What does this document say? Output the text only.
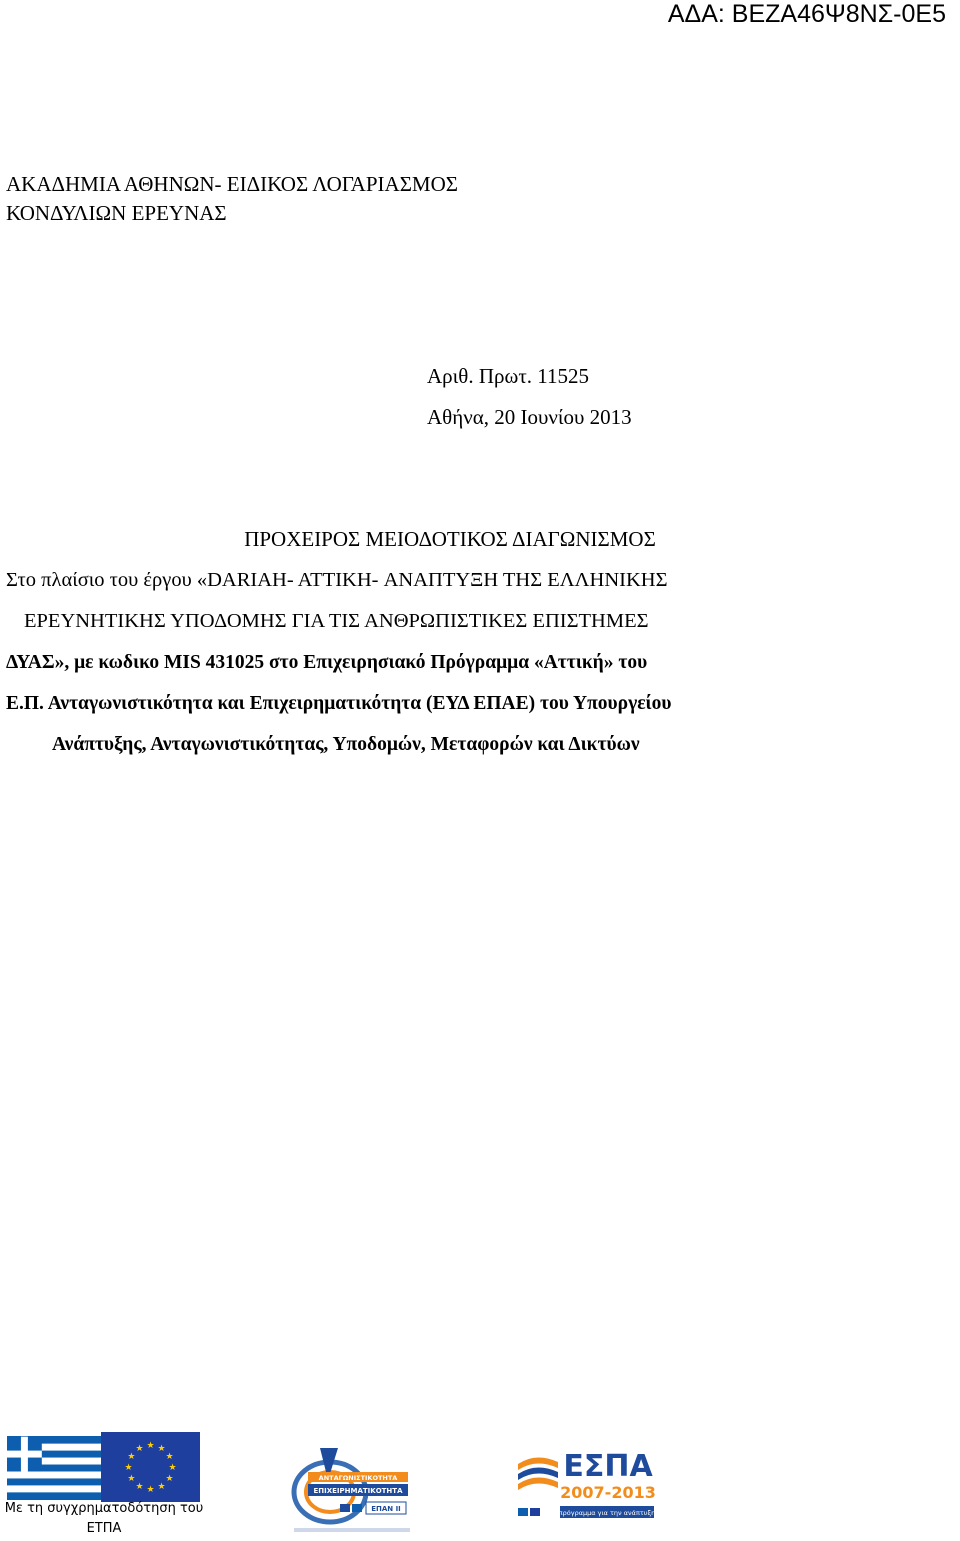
ΑΔΑ: ΒΕΖΑ46Ψ8ΝΣ-0Ε5
ΑΚΑΔΗΜΙΑ ΑΘΗΝΩΝ- ΕΙΔΙΚΟΣ ΛΟΓΑΡΙΑΣΜΟΣ
ΚΟΝΔΥΛΙΩΝ ΕΡΕΥΝΑΣ
Αριθ. Πρωτ. 11525
Αθήνα, 20 Ιουνίου 2013
ΠΡΟΧΕΙΡΟΣ ΜΕΙΟΔΟΤΙΚΟΣ ΔΙΑΓΩΝΙΣΜΟΣ
Στο πλαίσιο του έργου «DARIAH- ATTIKH- ΑΝΑΠΤΥΞΗ ΤΗΣ ΕΛΛΗΝΙΚΗΣ
ΕΡΕΥΝΗΤΙΚΗΣ ΥΠΟΔΟΜΗΣ ΓΙΑ ΤΙΣ ΑΝΘΡΩΠΙΣΤΙΚΕΣ ΕΠΙΣΤΗΜΕΣ
ΔΥΑΣ», με κωδικο MIS 431025 στο Επιχειρησιακό Πρόγραμμα «Αττική» του
Ε.Π. Ανταγωνιστικότητα και Επιχειρηματικότητα (ΕΥΔ ΕΠΑΕ) του Υπουργείου
Ανάπτυξης, Ανταγωνιστικότητας, Υποδομών, Μεταφορών και Δικτύων
★ ★
★
★
★
★
★
★
★
★
★
★
Με τη συγχρηματοδότηση του
ΕΤΠΑ
ΑΝΤΑΓΩΝΙΣΤΙΚΟΤΗΤΑ
ΕΠΙΧΕΙΡΗΜΑΤΙΚΟΤΗΤΑ
ΕΠΑΝ ΙΙ
ΕΣΠΑ
2007-2013
πρόγραμμα για την ανάπτυξη
